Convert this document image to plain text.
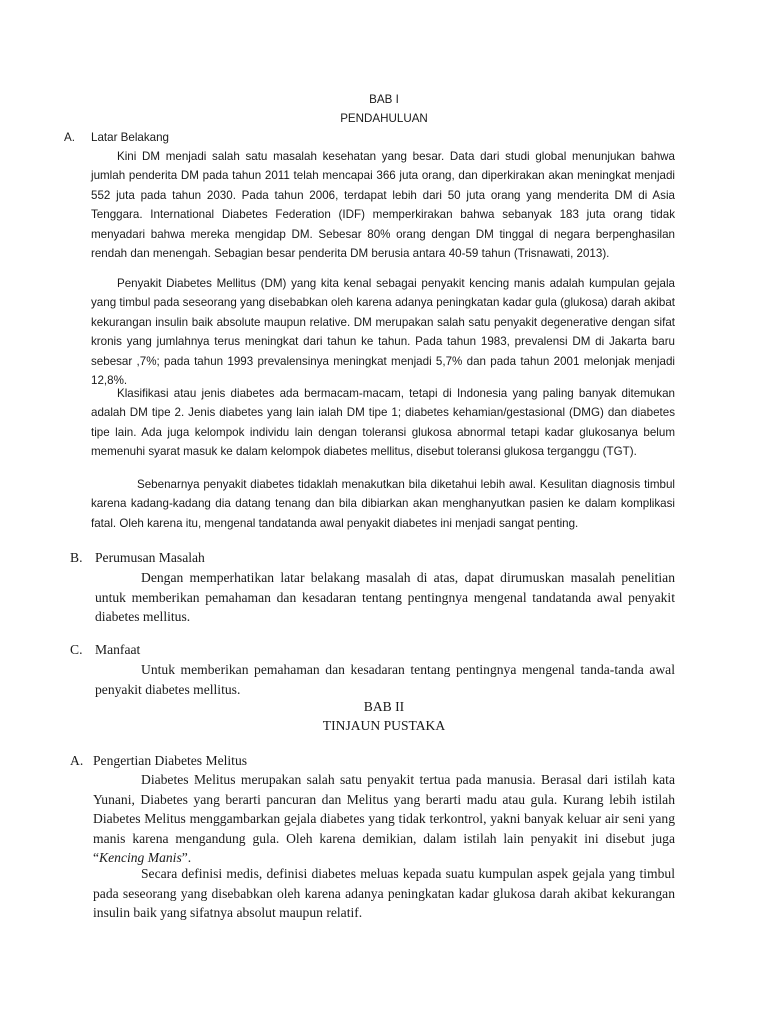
BAB I
PENDAHULUAN
A. Latar Belakang
Kini DM menjadi salah satu masalah kesehatan yang besar. Data dari studi global menunjukan bahwa jumlah penderita DM pada tahun 2011 telah mencapai 366 juta orang, dan diperkirakan akan meningkat menjadi 552 juta pada tahun 2030. Pada tahun 2006, terdapat lebih dari 50 juta orang yang menderita DM di Asia Tenggara. International Diabetes Federation (IDF) memperkirakan bahwa sebanyak 183 juta orang tidak menyadari bahwa mereka mengidap DM. Sebesar 80% orang dengan DM tinggal di negara berpenghasilan rendah dan menengah. Sebagian besar penderita DM berusia antara 40-59 tahun (Trisnawati, 2013).
Penyakit Diabetes Mellitus (DM) yang kita kenal sebagai penyakit kencing manis adalah kumpulan gejala yang timbul pada seseorang yang disebabkan oleh karena adanya peningkatan kadar gula (glukosa) darah akibat kekurangan insulin baik absolute maupun relative. DM merupakan salah satu penyakit degenerative dengan sifat kronis yang jumlahnya terus meningkat dari tahun ke tahun. Pada tahun 1983, prevalensi DM di Jakarta baru sebesar ,7%; pada tahun 1993 prevalensinya meningkat menjadi 5,7% dan pada tahun 2001 melonjak menjadi 12,8%.
Klasifikasi atau jenis diabetes ada bermacam-macam, tetapi di Indonesia yang paling banyak ditemukan adalah DM tipe 2. Jenis diabetes yang lain ialah DM tipe 1; diabetes kehamian/gestasional (DMG) dan diabetes tipe lain. Ada juga kelompok individu lain dengan toleransi glukosa abnormal tetapi kadar glukosanya belum memenuhi syarat masuk ke dalam kelompok diabetes mellitus, disebut toleransi glukosa terganggu (TGT).
Sebenarnya penyakit diabetes tidaklah menakutkan bila diketahui lebih awal. Kesulitan diagnosis timbul karena kadang-kadang dia datang tenang dan bila dibiarkan akan menghanyutkan pasien ke dalam komplikasi fatal. Oleh karena itu, mengenal tandatanda awal penyakit diabetes ini menjadi sangat penting.
B. Perumusan Masalah
Dengan memperhatikan latar belakang masalah di atas, dapat dirumuskan masalah penelitian untuk memberikan pemahaman dan kesadaran tentang pentingnya mengenal tandatanda awal penyakit diabetes mellitus.
C. Manfaat
Untuk memberikan pemahaman dan kesadaran tentang pentingnya mengenal tanda-tanda awal penyakit diabetes mellitus.
BAB II
TINJAUN PUSTAKA
A. Pengertian Diabetes Melitus
Diabetes Melitus merupakan salah satu penyakit tertua pada manusia. Berasal dari istilah kata Yunani, Diabetes yang berarti pancuran dan Melitus yang berarti madu atau gula. Kurang lebih istilah Diabetes Melitus menggambarkan gejala diabetes yang tidak terkontrol, yakni banyak keluar air seni yang manis karena mengandung gula. Oleh karena demikian, dalam istilah lain penyakit ini disebut juga “Kencing Manis”.
Secara definisi medis, definisi diabetes meluas kepada suatu kumpulan aspek gejala yang timbul pada seseorang yang disebabkan oleh karena adanya peningkatan kadar glukosa darah akibat kekurangan insulin baik yang sifatnya absolut maupun relatif.
